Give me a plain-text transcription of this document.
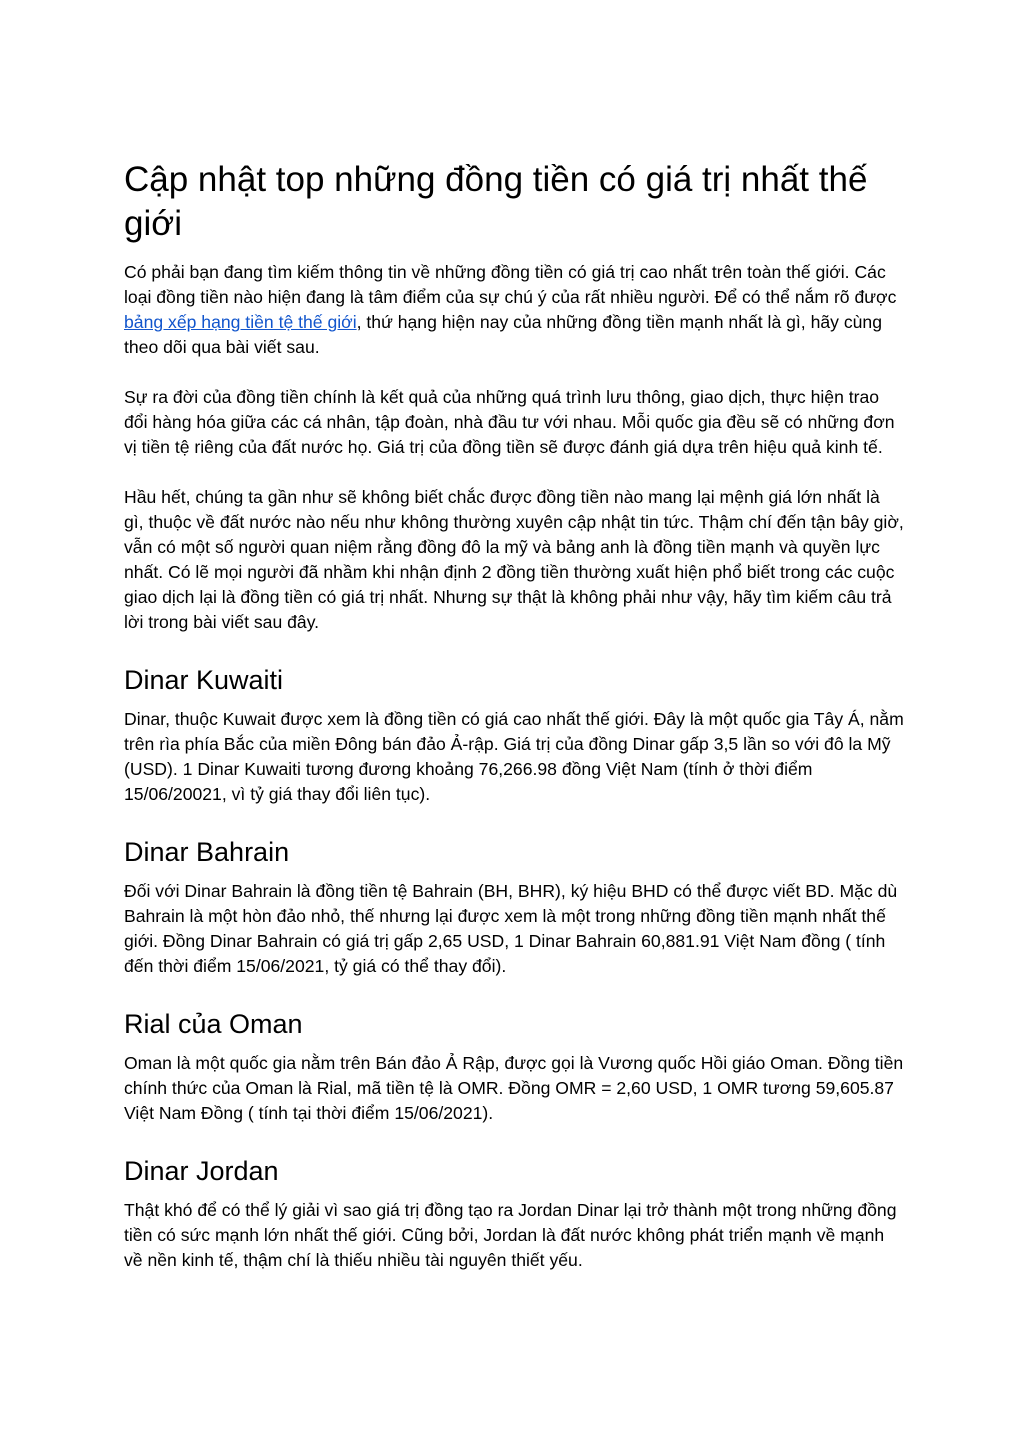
Cập nhật top những đồng tiền có giá trị nhất thế giới

Có phải bạn đang tìm kiếm thông tin về những đồng tiền có giá trị cao nhất trên toàn thế giới. Các loại đồng tiền nào hiện đang là tâm điểm của sự chú ý của rất nhiều người. Để có thể nắm rõ được bảng xếp hạng tiền tệ thế giới, thứ hạng hiện nay của những đồng tiền mạnh nhất là gì, hãy cùng theo dõi qua bài viết sau.

Sự ra đời của đồng tiền chính là kết quả của những quá trình lưu thông, giao dịch, thực hiện trao đổi hàng hóa giữa các cá nhân, tập đoàn, nhà đầu tư với nhau. Mỗi quốc gia đều sẽ có những đơn vị tiền tệ riêng của đất nước họ. Giá trị của đồng tiền sẽ được đánh giá dựa trên hiệu quả kinh tế.

Hầu hết, chúng ta gần như sẽ không biết chắc được đồng tiền nào mang lại mệnh giá lớn nhất là gì, thuộc về đất nước nào nếu như không thường xuyên cập nhật tin tức. Thậm chí đến tận bây giờ, vẫn có một số người quan niệm rằng đồng đô la mỹ và bảng anh là đồng tiền mạnh và quyền lực nhất. Có lẽ mọi người đã nhầm khi nhận định 2 đồng tiền thường xuất hiện phổ biết trong các cuộc giao dịch lại là đồng tiền có giá trị nhất. Nhưng sự thật là không phải như vậy, hãy tìm kiếm câu trả lời trong bài viết sau đây.

Dinar Kuwaiti

Dinar, thuộc Kuwait được xem là đồng tiền có giá cao nhất thế giới. Đây là một quốc gia Tây Á, nằm trên rìa phía Bắc của miền Đông bán đảo Ả-rập. Giá trị của đồng Dinar gấp 3,5 lần so với đô la Mỹ (USD). 1 Dinar Kuwaiti tương đương khoảng 76,266.98 đồng Việt Nam (tính ở thời điểm 15/06/20021, vì tỷ giá thay đổi liên tục).

Dinar Bahrain

Đối với Dinar Bahrain là đồng tiền tệ Bahrain (BH, BHR), ký hiệu BHD có thể được viết BD. Mặc dù Bahrain là một hòn đảo nhỏ, thế nhưng lại được xem là một trong những đồng tiền mạnh nhất thế giới. Đồng Dinar Bahrain có giá trị gấp 2,65 USD, 1 Dinar Bahrain 60,881.91 Việt Nam đồng ( tính đến thời điểm 15/06/2021, tỷ giá có thể thay đổi).

Rial của Oman

Oman là một quốc gia nằm trên Bán đảo Ả Rập, được gọi là Vương quốc Hồi giáo Oman. Đồng tiền chính thức của Oman là Rial, mã tiền tệ là OMR. Đồng OMR = 2,60 USD, 1 OMR tương 59,605.87 Việt Nam Đồng ( tính tại thời điểm 15/06/2021).

Dinar Jordan

Thật khó để có thể lý giải vì sao giá trị đồng tạo ra Jordan Dinar lại trở thành một trong những đồng tiền có sức mạnh lớn nhất thế giới. Cũng bởi, Jordan là đất nước không phát triển mạnh về mạnh về nền kinh tế, thậm chí là thiếu nhiều tài nguyên thiết yếu.
